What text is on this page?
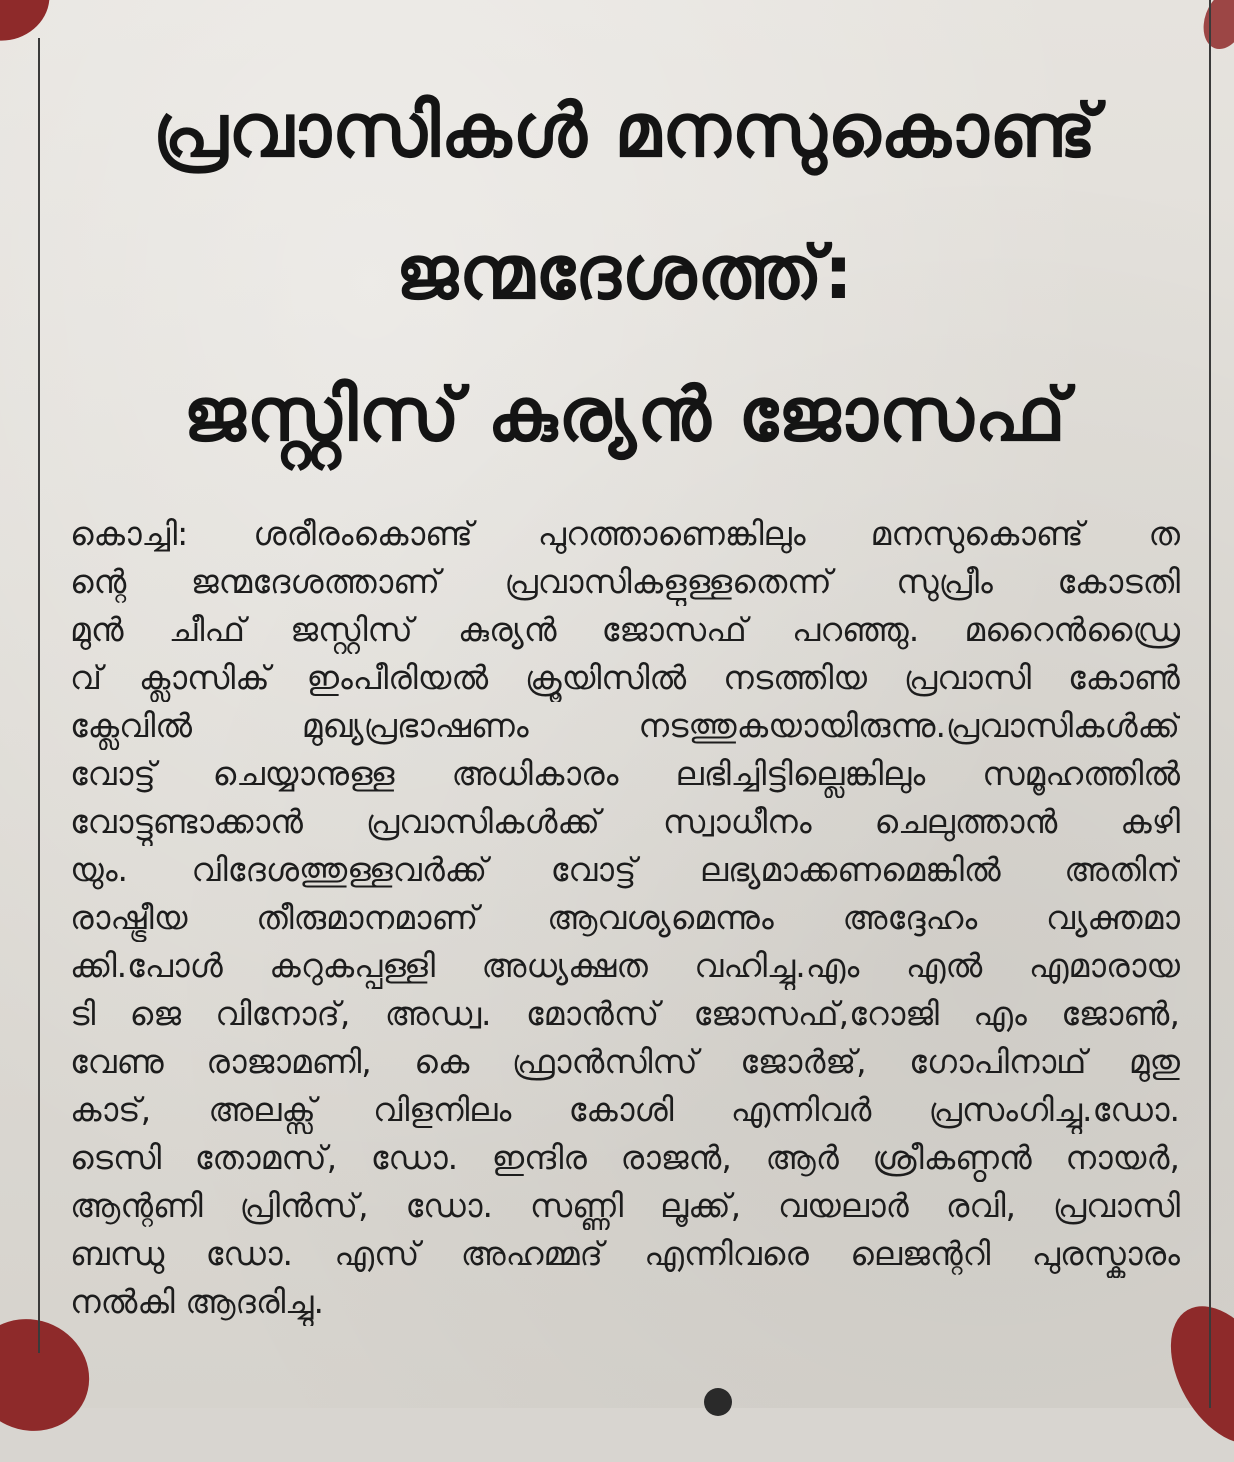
പ്രവാസികൾ മനസുകൊണ്ട്
ജന്മദേശത്ത്:
ജസ്റ്റിസ് കുര്യൻ ജോസഫ്
കൊച്ചി: ശരീരംകൊണ്ട് പുറത്താണെങ്കിലും മനസുകൊണ്ട് ത
ന്റെ ജന്മദേശത്താണ് പ്രവാസികളുള്ളതെന്ന് സുപ്രീം കോടതി
മുൻ ചീഫ് ജസ്റ്റിസ് കുര്യൻ ജോസഫ് പറഞ്ഞു. മറൈൻഡ്രൈ
വ് ക്ലാസിക് ഇംപീരിയൽ ക്രൂയിസിൽ നടത്തിയ പ്രവാസി കോൺ
ക്ലേവിൽ മുഖ്യപ്രഭാഷണം നടത്തുകയായിരുന്നു.പ്രവാസികൾക്ക്
വോട്ട് ചെയ്യാനുള്ള അധികാരം ലഭിച്ചിട്ടില്ലെങ്കിലും സമൂഹത്തിൽ
വോട്ടുണ്ടാക്കാൻ പ്രവാസികൾക്ക് സ്വാധീനം ചെലുത്താൻ കഴി
യും. വിദേശത്തുള്ളവർക്ക് വോട്ട് ലഭ്യമാക്കണമെങ്കിൽ അതിന്
രാഷ്ട്രീയ തീരുമാനമാണ് ആവശ്യമെന്നും അദ്ദേഹം വ്യക്തമാ
ക്കി.പോൾ കറുകപ്പള്ളി അധ്യക്ഷത വഹിച്ചു.എം എൽ എമാരായ
ടി ജെ വിനോദ്, അഡ്വ. മോൻസ് ജോസഫ്,റോജി എം ജോൺ,
വേണു രാജാമണി, കെ ഫ്രാൻസിസ് ജോർജ്, ഗോപിനാഥ് മുതു
കാട്, അലക്സ് വിളനിലം കോശി എന്നിവർ പ്രസംഗിച്ചു.ഡോ.
ടെസി തോമസ്, ഡോ. ഇന്ദിര രാജൻ, ആർ ശ്രീകണ്ഠൻ നായർ,
ആന്റണി പ്രിൻസ്, ഡോ. സണ്ണി ലൂക്ക്, വയലാർ രവി, പ്രവാസി
ബന്ധു ഡോ. എസ് അഹമ്മദ് എന്നിവരെ ലെജന്ററി പുരസ്കാരം
നൽകി ആദരിച്ചു.
